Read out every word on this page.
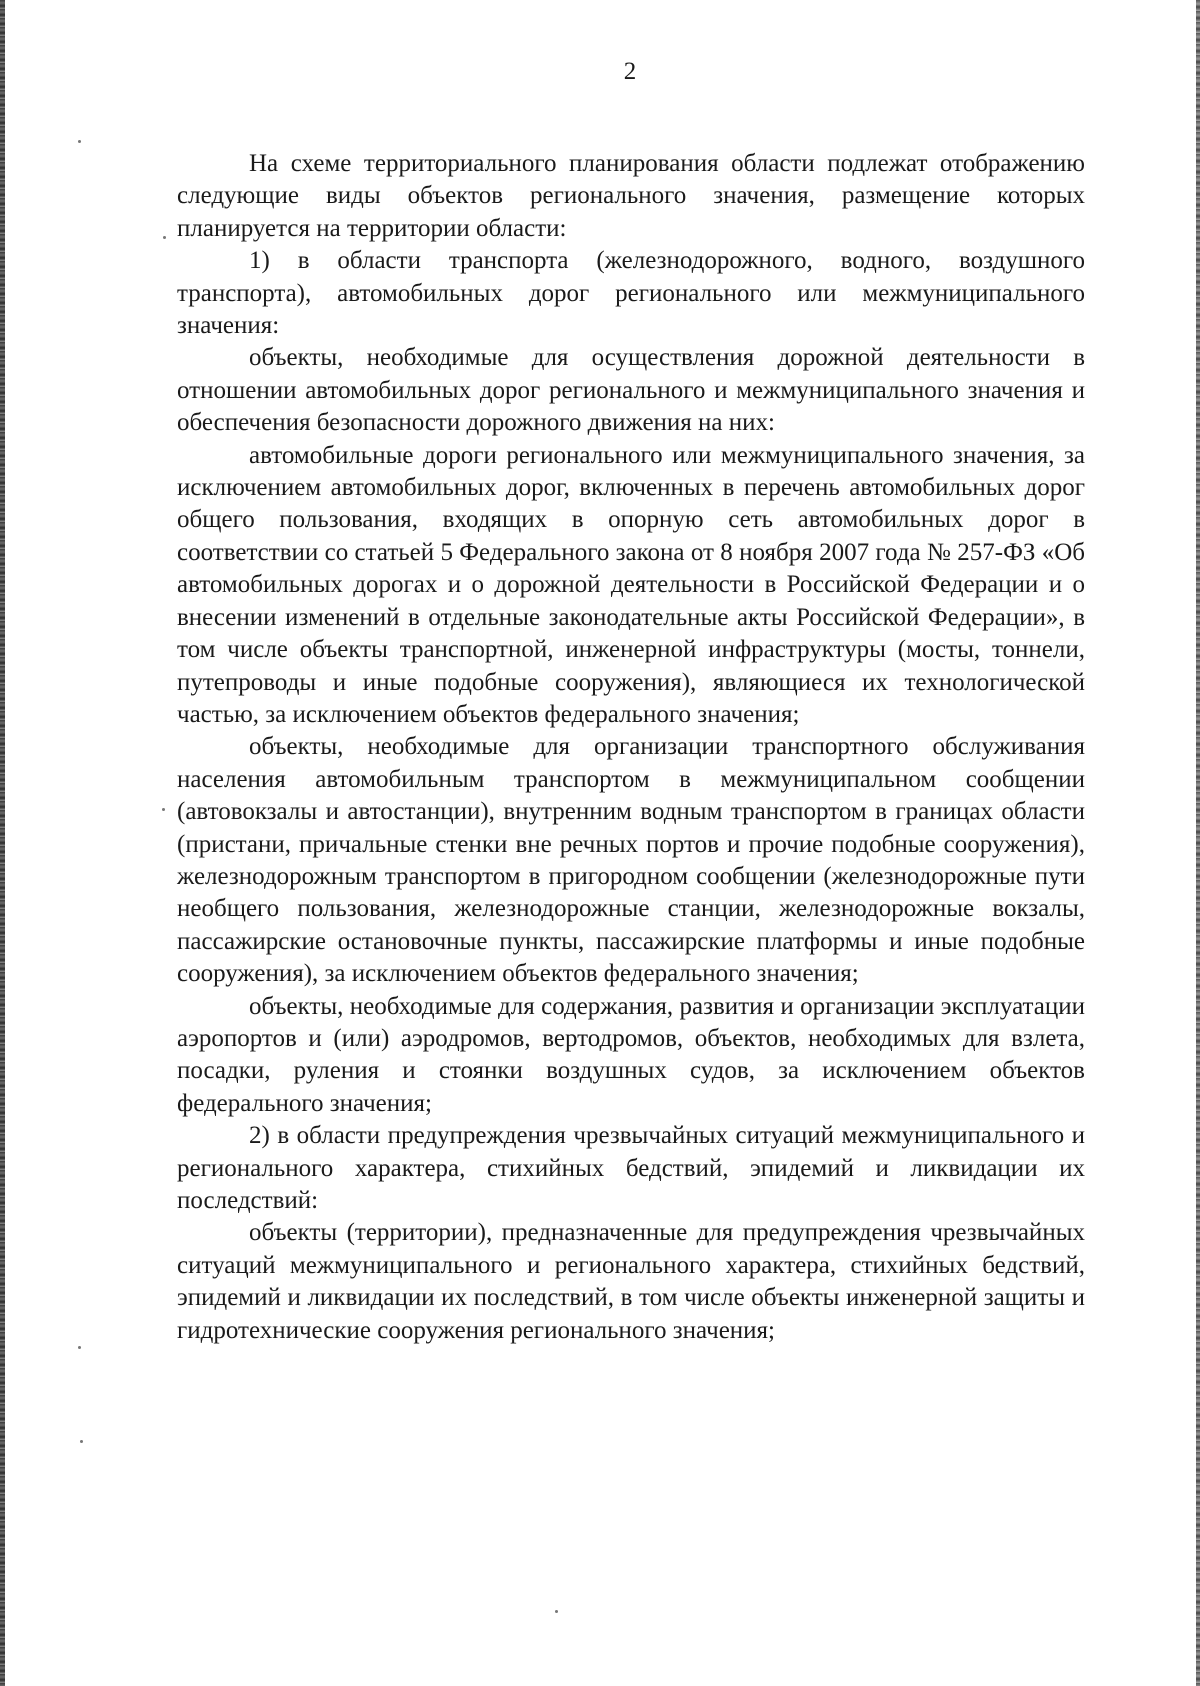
2

На схеме территориального планирования области подлежат отображению следующие виды объектов регионального значения, размещение которых планируется на территории области:

1) в области транспорта (железнодорожного, водного, воздушного транспорта), автомобильных дорог регионального или межмуниципального значения:

объекты, необходимые для осуществления дорожной деятельности в отношении автомобильных дорог регионального и межмуниципального значения и обеспечения безопасности дорожного движения на них:

автомобильные дороги регионального или межмуниципального значения, за исключением автомобильных дорог, включенных в перечень автомобильных дорог общего пользования, входящих в опорную сеть автомобильных дорог в соответствии со статьей 5 Федерального закона от 8 ноября 2007 года № 257-ФЗ «Об автомобильных дорогах и о дорожной деятельности в Российской Федерации и о внесении изменений в отдельные законодательные акты Российской Федерации», в том числе объекты транспортной, инженерной инфраструктуры (мосты, тоннели, путепроводы и иные подобные сооружения), являющиеся их технологической частью, за исключением объектов федерального значения;

объекты, необходимые для организации транспортного обслуживания населения автомобильным транспортом в межмуниципальном сообщении (автовокзалы и автостанции), внутренним водным транспортом в границах области (пристани, причальные стенки вне речных портов и прочие подобные сооружения), железнодорожным транспортом в пригородном сообщении (железнодорожные пути необщего пользования, железнодорожные станции, железнодорожные вокзалы, пассажирские остановочные пункты, пассажирские платформы и иные подобные сооружения), за исключением объектов федерального значения;

объекты, необходимые для содержания, развития и организации эксплуатации аэропортов и (или) аэродромов, вертодромов, объектов, необходимых для взлета, посадки, руления и стоянки воздушных судов, за исключением объектов федерального значения;

2) в области предупреждения чрезвычайных ситуаций межмуниципального и регионального характера, стихийных бедствий, эпидемий и ликвидации их последствий:

объекты (территории), предназначенные для предупреждения чрезвычайных ситуаций межмуниципального и регионального характера, стихийных бедствий, эпидемий и ликвидации их последствий, в том числе объекты инженерной защиты и гидротехнические сооружения регионального значения;
